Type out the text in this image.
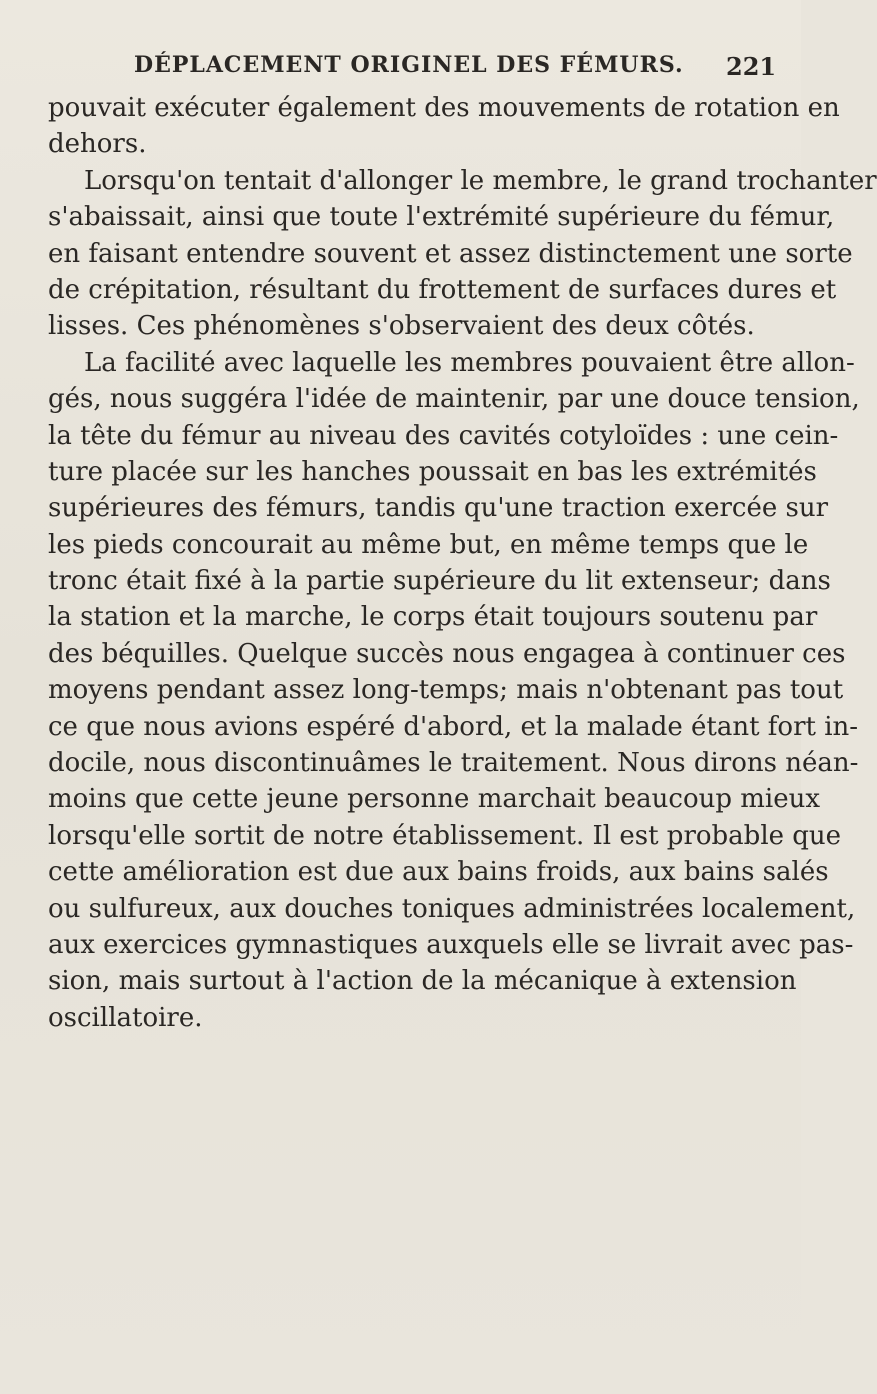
DÉPLACEMENT ORIGINEL DES FÉMURS. 221
pouvait exécuter également des mouvements de rotation en
dehors.
Lorsqu'on tentait d'allonger le membre, le grand trochanter
s'abaissait, ainsi que toute l'extrémité supérieure du fémur,
en faisant entendre souvent et assez distinctement une sorte
de crépitation, résultant du frottement de surfaces dures et
lisses. Ces phénomènes s'observaient des deux côtés.
La facilité avec laquelle les membres pouvaient être allon-
gés, nous suggéra l'idée de maintenir, par une douce tension,
la tête du fémur au niveau des cavités cotyloïdes : une cein-
ture placée sur les hanches poussait en bas les extrémités
supérieures des fémurs, tandis qu'une traction exercée sur
les pieds concourait au même but, en même temps que le
tronc était fixé à la partie supérieure du lit extenseur; dans
la station et la marche, le corps était toujours soutenu par
des béquilles. Quelque succès nous engagea à continuer ces
moyens pendant assez long-temps; mais n'obtenant pas tout
ce que nous avions espéré d'abord, et la malade étant fort in-
docile, nous discontinuâmes le traitement. Nous dirons néan-
moins que cette jeune personne marchait beaucoup mieux
lorsqu'elle sortit de notre établissement. Il est probable que
cette amélioration est due aux bains froids, aux bains salés
ou sulfureux, aux douches toniques administrées localement,
aux exercices gymnastiques auxquels elle se livrait avec pas-
sion, mais surtout à l'action de la mécanique à extension
oscillatoire.
